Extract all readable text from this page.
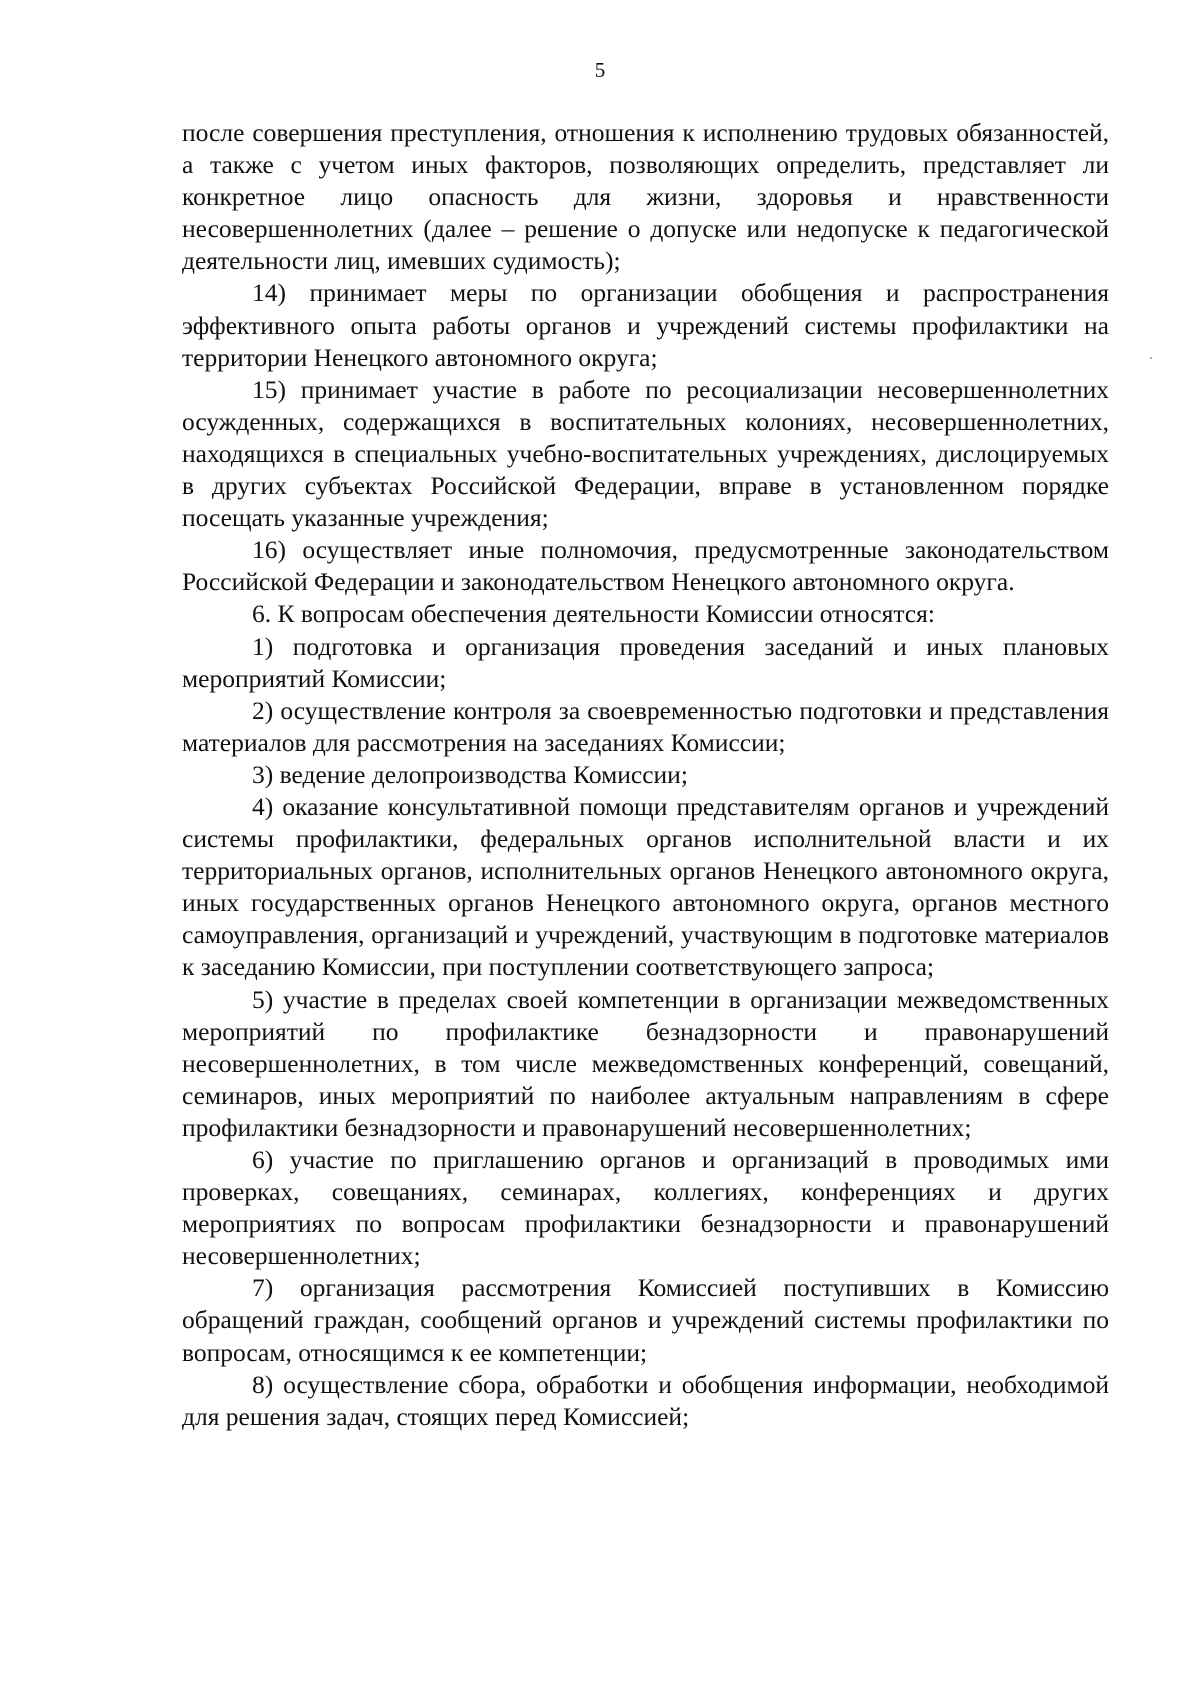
5

после совершения преступления, отношения к исполнению трудовых обязанностей, а также с учетом иных факторов, позволяющих определить, представляет ли конкретное лицо опасность для жизни, здоровья и нравственности несовершеннолетних (далее – решение о допуске или недопуске к педагогической деятельности лиц, имевших судимость);

14) принимает меры по организации обобщения и распространения эффективного опыта работы органов и учреждений системы профилактики на территории Ненецкого автономного округа;

15) принимает участие в работе по ресоциализации несовершеннолетних осужденных, содержащихся в воспитательных колониях, несовершеннолетних, находящихся в специальных учебно-воспитательных учреждениях, дислоцируемых в других субъектах Российской Федерации, вправе в установленном порядке посещать указанные учреждения;

16) осуществляет иные полномочия, предусмотренные законодательством Российской Федерации и законодательством Ненецкого автономного округа.

6. К вопросам обеспечения деятельности Комиссии относятся:

1) подготовка и организация проведения заседаний и иных плановых мероприятий Комиссии;

2) осуществление контроля за своевременностью подготовки и представления материалов для рассмотрения на заседаниях Комиссии;

3) ведение делопроизводства Комиссии;

4) оказание консультативной помощи представителям органов и учреждений системы профилактики, федеральных органов исполнительной власти и их территориальных органов, исполнительных органов Ненецкого автономного округа, иных государственных органов Ненецкого автономного округа, органов местного самоуправления, организаций и учреждений, участвующим в подготовке материалов к заседанию Комиссии, при поступлении соответствующего запроса;

5) участие в пределах своей компетенции в организации межведомственных мероприятий по профилактике безнадзорности и правонарушений несовершеннолетних, в том числе межведомственных конференций, совещаний, семинаров, иных мероприятий по наиболее актуальным направлениям в сфере профилактики безнадзорности и правонарушений несовершеннолетних;

6) участие по приглашению органов и организаций в проводимых ими проверках, совещаниях, семинарах, коллегиях, конференциях и других мероприятиях по вопросам профилактики безнадзорности и правонарушений несовершеннолетних;

7) организация рассмотрения Комиссией поступивших в Комиссию обращений граждан, сообщений органов и учреждений системы профилактики по вопросам, относящимся к ее компетенции;

8) осуществление сбора, обработки и обобщения информации, необходимой для решения задач, стоящих перед Комиссией;
